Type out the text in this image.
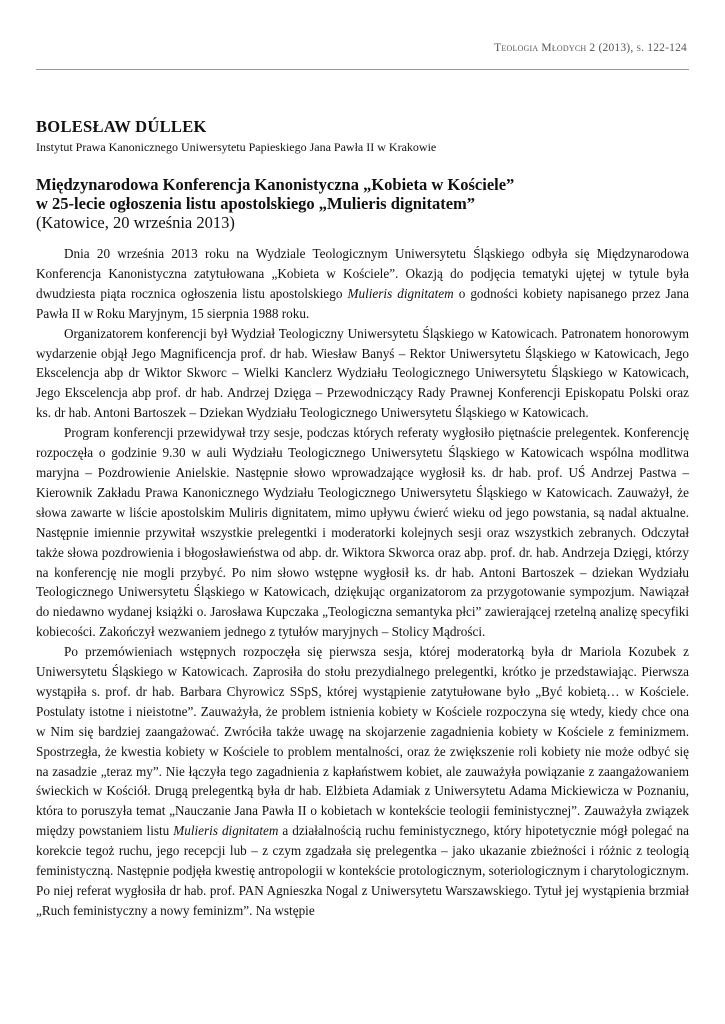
Teologia Młodych 2 (2013), s. 122-124
BOLESŁAW DÚLLEK
Instytut Prawa Kanonicznego Uniwersytetu Papieskiego Jana Pawła II w Krakowie
Międzynarodowa Konferencja Kanonistyczna „Kobieta w Kościele”
w 25-lecie ogłoszenia listu apostolskiego „Mulieris dignitatem”
(Katowice, 20 września 2013)

Dnia 20 września 2013 roku na Wydziale Teologicznym Uniwersytetu Śląskiego odbyła się Międzynarodowa Konferencja Kanonistyczna zatytułowana „Kobieta w Kościele”. Okazją do podjęcia tematyki ujętej w tytule była dwudziesta piąta rocznica ogłoszenia listu apostolskiego Mulieris dignitatem o godności kobiety napisanego przez Jana Pawła II w Roku Maryjnym, 15 sierpnia 1988 roku.

Organizatorem konferencji był Wydział Teologiczny Uniwersytetu Śląskiego w Katowicach. Patronatem honorowym wydarzenie objął Jego Magnificencja prof. dr hab. Wiesław Banyś – Rektor Uniwersytetu Śląskiego w Katowicach, Jego Ekscelencja abp dr Wiktor Skworc – Wielki Kanclerz Wydziału Teologicznego Uniwersytetu Śląskiego w Katowicach, Jego Ekscelencja abp prof. dr hab. Andrzej Dzięga – Przewodniczący Rady Prawnej Konferencji Episkopatu Polski oraz ks. dr hab. Antoni Bartoszek – Dziekan Wydziału Teologicznego Uniwersytetu Śląskiego w Katowicach.

Program konferencji przewidywał trzy sesje, podczas których referaty wygłosiło piętnaście prelegentek. Konferencję rozpoczęła o godzinie 9.30 w auli Wydziału Teologicznego Uniwersytetu Śląskiego w Katowicach wspólna modlitwa maryjna – Pozdrowienie Anielskie. Następnie słowo wprowadzające wygłosił ks. dr hab. prof. UŚ Andrzej Pastwa – Kierownik Zakładu Prawa Kanonicznego Wydziału Teologicznego Uniwersytetu Śląskiego w Katowicach. Zauważył, że słowa zawarte w liście apostolskim Muliris dignitatem, mimo upływu ćwierć wieku od jego powstania, są nadal aktualne. Następnie imiennie przywitał wszystkie prelegentki i moderatorki kolejnych sesji oraz wszystkich zebranych. Odczytał także słowa pozdrowienia i błogosławieństwa od abp. dr. Wiktora Skworca oraz abp. prof. dr. hab. Andrzeja Dzięgi, którzy na konferencję nie mogli przybyć. Po nim słowo wstępne wygłosił ks. dr hab. Antoni Bartoszek – dziekan Wydziału Teologicznego Uniwersytetu Śląskiego w Katowicach, dziękując organizatorom za przygotowanie sympozjum. Nawiązał do niedawno wydanej książki o. Jarosława Kupczaka „Teologiczna semantyka płci” zawierającej rzetelną analizę specyfiki kobiecości. Zakończył wezwaniem jednego z tytułów maryjnych – Stolicy Mądrości.

Po przemówieniach wstępnych rozpoczęła się pierwsza sesja, której moderatorką była dr Mariola Kozubek z Uniwersytetu Śląskiego w Katowicach. Zaprosiła do stołu prezydialnego prelegentki, krótko je przedstawiając. Pierwsza wystąpiła s. prof. dr hab. Barbara Chyrowicz SSpS, której wystąpienie zatytułowane było „Być kobietą… w Kościele. Postulaty istotne i nieistotne”. Zauważyła, że problem istnienia kobiety w Kościele rozpoczyna się wtedy, kiedy chce ona w Nim się bardziej zaangażować. Zwróciła także uwagę na skojarzenie zagadnienia kobiety w Kościele z feminizmem. Spostrzegła, że kwestia kobiety w Kościele to problem mentalności, oraz że zwiększenie roli kobiety nie może odbyć się na zasadzie „teraz my”. Nie łączyła tego zagadnienia z kapłaństwem kobiet, ale zauważyła powiązanie z zaangażowaniem świeckich w Kościół. Drugą prelegentką była dr hab. Elżbieta Adamiak z Uniwersytetu Adama Mickiewicza w Poznaniu, która to poruszyła temat „Nauczanie Jana Pawła II o kobietach w kontekście teologii feministycznej”. Zauważyła związek między powstaniem listu Mulieris dignitatem a działalnością ruchu feministycznego, który hipotetycznie mógł polegać na korekcie tegoż ruchu, jego recepcji lub – z czym zgadzała się prelegentka – jako ukazanie zbieżności i różnic z teologią feministyczną. Następnie podjęła kwestię antropologii w kontekście protologicznym, soteriologicznym i charytologicznym. Po niej referat wygłosiła dr hab. prof. PAN Agnieszka Nogal z Uniwersytetu Warszawskiego. Tytuł jej wystąpienia brzmiał „Ruch feministyczny a nowy feminizm”. Na wstępie
